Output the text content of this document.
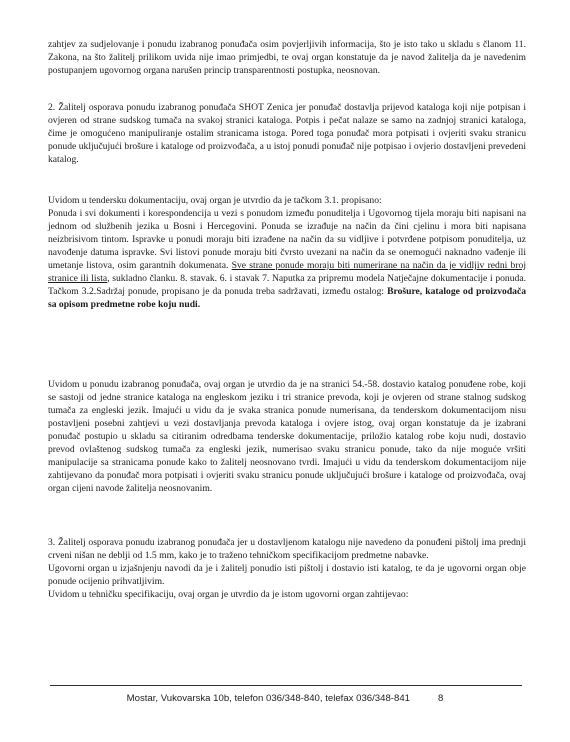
zahtjev za sudjelovanje i ponudu izabranog ponuđača osim povjerljivih informacija, što je isto tako u skladu s članom 11. Zakona, na što žalitelj prilikom uvida nije imao primjedbi, te ovaj organ konstatuje da je navod žalitelja da je navedenim postupanjem ugovornog organa narušen princip transparentnosti postupka, neosnovan.

2. Žalitelj osporava ponudu izabranog ponuđača SHOT Zenica jer ponuđač dostavlja prijevod kataloga koji nije potpisan i ovjeren od strane sudskog tumača na svakoj stranici kataloga. Potpis i pečat nalaze se samo na zadnjoj stranici kataloga, čime je omogućeno manipuliranje ostalim stranicama istoga. Pored toga ponuđač mora potpisati i ovjeriti svaku stranicu ponude uključujući brošure i kataloge od proizvođača, a u istoj ponudi ponuđač nije potpisao i ovjerio dostavljeni prevedeni katalog.

Uvidom u tendersku dokumentaciju, ovaj organ je utvrdio da je tačkom 3.1. propisano:

Ponuda i svi dokumenti i korespondencija u vezi s ponudom između ponuditelja i Ugovornog tijela moraju biti napisani na jednom od službenih jezika u Bosni i Hercegovini. Ponuda se izrađuje na način da čini cjelinu i mora biti napisana neizbrisivom tintom. Ispravke u ponudi moraju biti izrađene na način da su vidljive i potvrđene potpisom ponuditelja, uz navođenje datuma ispravke. Svi listovi ponude moraju biti čvrsto uvezani na način da se onemogući naknadno vađenje ili umetanje listova, osim garantnih dokumenata. Sve strane ponude moraju biti numerirane na način da je vidljiv redni broj stranice ili lista, sukladno članku. 8. stavak. 6. i stavak 7. Naputka za pripremu modela Natječajne dokumentacije i ponuda. Tačkom 3.2.Sadržaj ponude, propisano je da ponuda treba sadržavati, između ostalog: Brošure, kataloge od proizvođača sa opisom predmetne robe koju nudi.

Uvidom u ponudu izabranog ponuđača, ovaj organ je utvrdio da je na stranici 54.-58. dostavio katalog ponuđene robe, koji se sastoji od jedne stranice kataloga na engleskom jeziku i tri stranice prevoda, koji je ovjeren od strane stalnog sudskog tumača za engleski jezik. Imajući u vidu da je svaka stranica ponude numerisana, da tenderskom dokumentacijom nisu postavljeni posebni zahtjevi u vezi dostavljanja prevoda kataloga i ovjere istog, ovaj organ konstatuje da je izabrani ponuđač postupio u skladu sa citiranim odredbama tenderske dokumentacije, priložio katalog robe koju nudi, dostavio prevod ovlaštenog sudskog tumača za engleski jezik, numerisao svaku stranicu ponude, tako da nije moguće vršiti manipulacije sa stranicama ponude kako to žalitelj neosnovano tvrdi. Imajući u vidu da tenderskom dokumentacijom nije zahtijevano da ponuđač mora potpisati i ovjeriti svaku stranicu ponude uključujući brošure i kataloge od proizvođača, ovaj organ cijeni navode žalitelja neosnovanim.

3. Žalitelj osporava ponudu izabranog ponuđača jer u dostavljenom katalogu nije navedeno da ponuđeni pištolj ima prednji crveni nišan ne deblji od 1.5 mm, kako je to traženo tehničkom specifikacijom predmetne nabavke.

Ugovorni organ u izjašnjenju navodi da je i žalitelj ponudio isti pištolj i dostavio isti katalog, te da je ugovorni organ obje ponude ocijenio prihvatljivim.

Uvidom u tehničku specifikaciju, ovaj organ je utvrdio da je istom ugovorni organ zahtijevao:

Mostar, Vukovarska 10b, telefon 036/348-840, telefax 036/348-841	8
